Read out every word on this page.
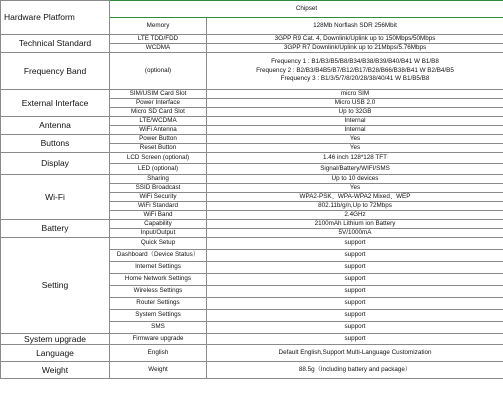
Hardware Platform	Chipset	
	Memory	128Mb Norflash SDR 256Mbit
Technical Standard	LTE TDD/FDD	3GPP R9 Cat. 4, Downlink/Uplink up to 150Mbps/50Mbps
	WCDMA	3GPP R7 Downlink/Uplink up to 21Mbps/5.76Mbps
Frequency Band	(optional)	Frequency 1 : B1/B3/B5/B8/B34/B38/B39/B40/B41 W B1/B8
Frequency 2 : B2/B3/B4B5/B7/B12/B17/B28/B66/B38/B41 W B2/B4/B5
Frequency 3 : B1/3/5/7/8/20/28/38/40/41 W B1/B5/B8

External Interface	SIM/USIM Card Slot	micro SIM
	Power Interface	Micro USB 2.0
	Micro SD Card Slot	Up to 32GB
Antenna	LTE/WCDMA	Internal
	WiFi Antenna	Internal
Buttons	Power Button	Yes
	Reset Button	Yes
Display	LCD Screen (optional)	1.46 inch 128*128 TFT
	LED (optional)	Signal/Battery/WIFI/SMS
Wi-Fi	Sharing	Up to 10 devices
	SSID Broadcast	Yes
	WiFi Security	WPA2-PSK、WPA-WPA2 Mixed、WEP
	WiFi Standard	802.11b/g/n,Up to 72Mbps
	WiFi Band	2.4GHz
Battery	Capability	2100mAh Lithium ion Battery
	Input/Output	5V/1000mA
Setting	Quick Setup	support
	Dashboard（Device Status）	support
	Internet Settings	support
	Home Network Settings	support
	Wireless Settings	support
	Router Settings	support
	System Settings	support
	SMS	support
System upgrade	Firmware upgrade	support
Language	English	Default English,Support Multi-Language Customization
Weight	Weight	88.5g（Including battery and package）
